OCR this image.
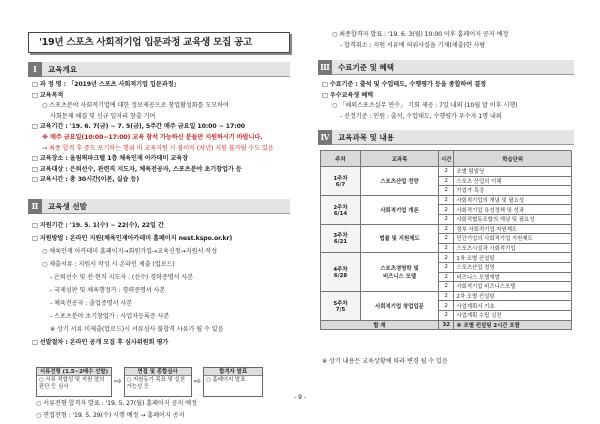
'19년 스포츠 사회적기업 입문과정 교육생 모집 공고
Ⅰ	교육개요
□ 과 정 명 : 「2019년 스포츠 사회적기업 입문과정」
□ 교육목적
○ 스포츠분야 사회적기업에 대한 정보제공으로 창업활성화를 도모하여
사회문제 해결 및 신규 일자리 창출 기여
□ 교육기간 : '19. 6. 7(금) ~ 7. 5(금), 5주간 매주 금요일 10:00 ~ 17:00
※ 매주 금요일(10:00~17:00) 교육 참석 가능하신 분들만 지원하시기 바랍니다.
→ 최종 합격 후 중도 포기하는 행위 미 교육지원 시 불이익 (차년) 지원 불가될 수도 있음
□ 교육장소 : 올림픽파크텔 1층 체육인재 아카데미 교육장
□ 교육대상 : 은퇴선수, 관련직 지도자, 체육전공자, 스포츠분야 초기창업가 등
□ 교육시간 : 총 30시간(이론, 실습 등)
Ⅱ	교육생 선발
□ 지원기간 : '19. 5. 1(수) ~ 22(수), 22일 간
□ 지원방법 : 온라인 지원(체육인재아카데미 홈페이지 nest.kspo.or.kr)
○ 체육인재 아카데미 홈페이지→회원가입→교육신청→지원서 작성
○ 제출서류 : 지원서 작성 시 온라인 제출 (업로드)
- 은퇴선수 및 전·현직 지도자 : (선수) 경력증명서 사본
- 국제심판 및 체육행정가 : 경력증명서 사본
- 체육전공자 : 졸업증명서 사본
- 스포츠분야 초기창업가 : 사업자등록증 사본
※ 상기 서류 미제출(업로드)시 서류심사 불합격 사유가 될 수 있음
□ 선발절차 : 온라인 공개 모집 후 심사위원회 평가
서류전형 (1.5~2배수 선발)
○ 서류 적합성 및 지원 열의 판단 등 심사	⇨
면접 및 종합심사
○ 지원동기 목표 및 실천 가능성 등	⇨
합격자 발표
○ 홈페이지 발표
○ 서류전형 합격자 발표 : '19. 5. 27(월) 홈페이지 공지 예정
○ 면접전형 : '19. 5. 29(수) 시행 예정 → 홈페이지 공지
○ 최종합격자 발표 : '19. 6. 3(월) 10:00 이후 홈페이지 공지 예정
- 합격취소 : 지원 서류에 허위사실을 기재(제출)한 사람
Ⅲ	수료기준 및 혜택
□ 수료기준 : 출석 및 수업태도, 수행평가 등을 종합하여 결정
□ 우수교육생 혜택
○ 「해외스포츠실무 연수」 기회 제공 : 7일 내외 (10월 말 이후 시행)
- 선정기준 : 인원 : 출석, 수업태도, 수행평가 우수자 1명 내외
Ⅳ	교육과목 및 내용
주차	교과목	시간	학습단위
1주차
6/7	스포츠산업 전망	2	조별 팀빌딩
		2	스포츠 산업의 이해
		2	기업가 특강
2주차
6/14	사회적기업 개론	2	사회적기업의 개념 및 필요성
		2	사회적기업 육성정책 및 성과
		2	사회적협동조합의 개념 및 필요성
3주차
6/21	법률 및 지원제도	2	정부 사회적기업 지원제도
		2	민간기업의 사회적기업 지원제도
		2	스포츠시설과 사회적기업
4주차
6/28	스포츠경영학 및
비즈니스 모델	2	1차 조별 컨설팅
		2	스포츠산업 경영
		2	비즈니스 모델개발
		2	사회적기업 비즈니스모델
5주차
7/5	사회적기업 창업입문	2	2차 조별 컨설팅
		2	사업계획서 기초
		2	사업계획 수립 실전
합 계		32	※ 조별 컨설팅 2시간 포함
※ 상기 내용은 교육상황에 따라 변경 될 수 있음
- 9 -
